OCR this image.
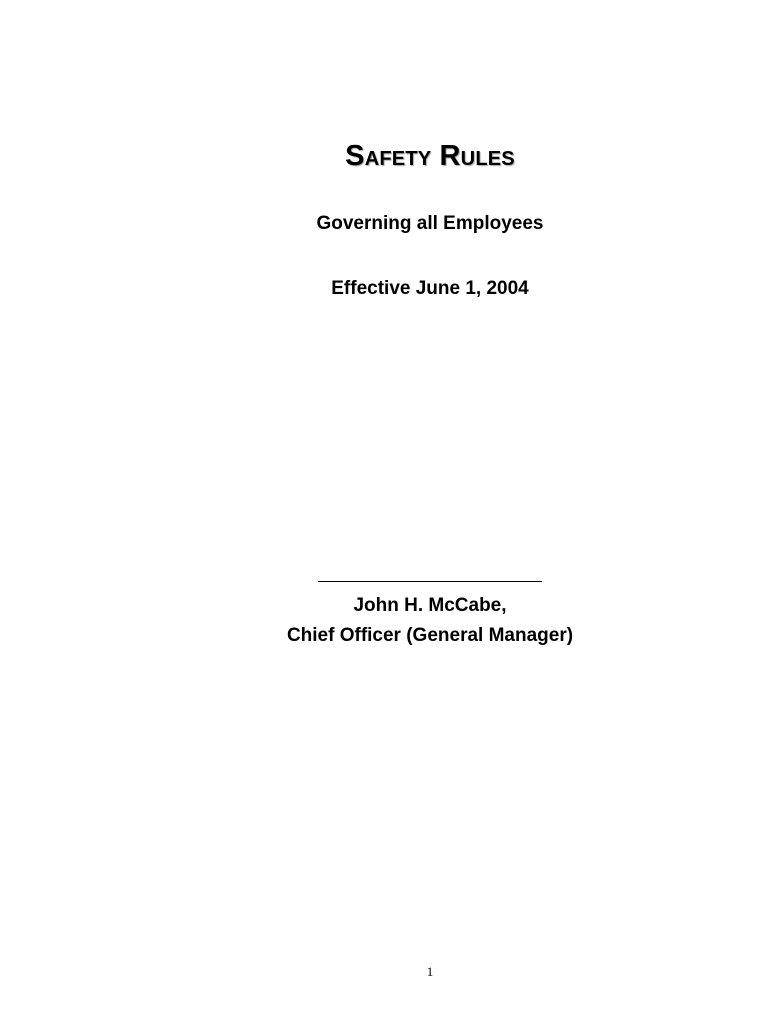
Safety Rules
Governing all Employees
Effective June 1, 2004
John H. McCabe,
Chief Officer (General Manager)
1
